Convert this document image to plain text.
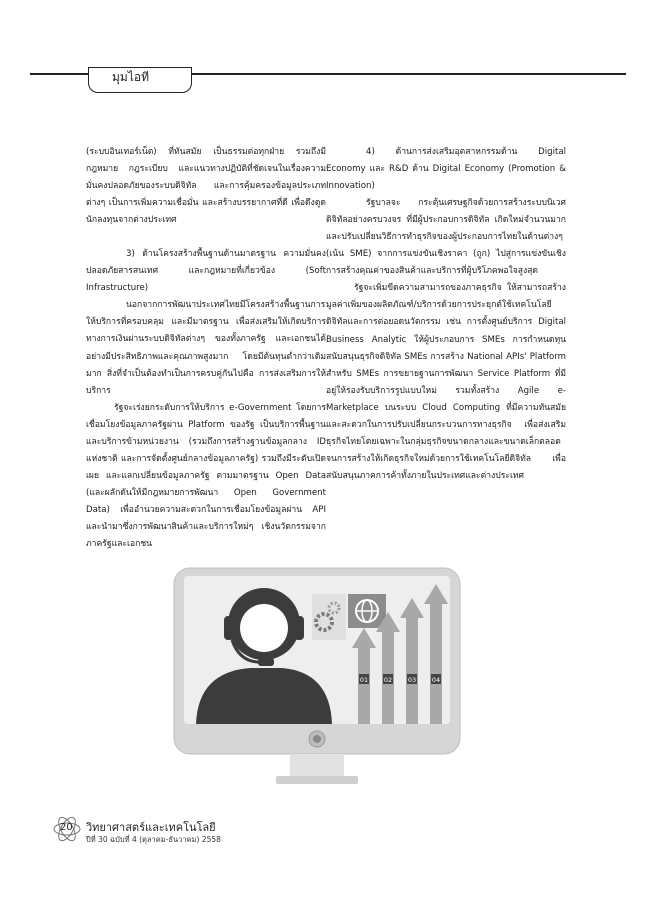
มุมไอที

(ระบบอินเทอร์เน็ต) ที่ทันสมัย เป็นธรรมต่อทุกฝ่าย รวมถึงมีกฎหมาย กฎระเบียบ และแนวทางปฏิบัติที่ชัดเจนในเรื่องความมั่นคงปลอดภัยของระบบดิจิทัล และการคุ้มครองข้อมูลประเภทต่างๆ เป็นการเพิ่มความเชื่อมั่น และสร้างบรรยากาศที่ดี เพื่อดึงดูดนักลงทุนจากต่างประเทศ

3) ด้านโครงสร้างพื้นฐานด้านมาตรฐาน ความมั่นคงปลอดภัยสารสนเทศ และกฎหมายที่เกี่ยวข้อง (Soft Infrastructure)

นอกจากการพัฒนาประเทศไทยมีโครงสร้างพื้นฐานการให้บริการที่ครอบคลุม และมีมาตรฐาน เพื่อส่งเสริมให้เกิดบริการทางการเงินผ่านระบบดิจิทัลต่างๆ ของทั้งภาครัฐ และเอกชนได้อย่างมีประสิทธิภาพและคุณภาพสูงมาก โดยมีต้นทุนต่ำกว่าเดิมมาก สิ่งที่จำเป็นต้องทำเป็นการครบคู่กันไปคือ การส่งเสริมการให้บริการ

รัฐจะเร่งยกระดับการให้บริการ e-Government โดยการเชื่อมโยงข้อมูลภาครัฐผ่าน Platform ของรัฐ เป็นบริการพื้นฐานและบริการข้ามหน่วยงาน (รวมถึงการสร้างฐานข้อมูลกลาง ID แห่งชาติ และการจัดตั้งศูนย์กลางข้อมูลภาครัฐ) รวมถึงมีระดับเปิดเผย และแลกเปลี่ยนข้อมูลภาครัฐ ตามมาตรฐาน Open Data (และผลักดันให้มีกฎหมายการพัฒนา Open Government Data) เพื่ออำนวยความสะดวกในการเชื่อมโยงข้อมูลผ่าน API และนำมาซึ่งการพัฒนาสินค้าและบริการใหม่ๆ เชิงนวัตกรรมจากภาครัฐและเอกชน

4) ด้านการส่งเสริมอุตสาหกรรมด้าน Digital Economy และ R&D ด้าน Digital Economy (Promotion & Innovation)

รัฐบาลจะ กระตุ้นเศรษฐกิจด้วยการสร้างระบบนิเวศดิจิทัลอย่างครบวงจร ที่มีผู้ประกอบการดิจิทัล เกิดใหม่จำนวนมาก และปรับเปลี่ยนวิธีการทำธุรกิจของผู้ประกอบการไทยในด้านต่างๆ (เน้น SME) จากการแข่งขันเชิงราคา (ถูก) ไปสู่การแข่งขันเชิงการสร้างคุณค่าของสินค้าและบริการที่ผู้บริโภคพอใจสูงสุด

รัฐจะเพิ่มขีดความสามารถของภาคธุรกิจ ให้สามารถสร้างมูลค่าเพิ่มของผลิตภัณฑ์/บริการด้วยการประยุกต์ใช้เทคโนโลยีดิจิทัลและการต่อยอดนวัตกรรม เช่น การตั้งศูนย์บริการ Digital Business Analytic ให้ผู้ประกอบการ SMEs การกำหนดทุนสนับสนุนธุรกิจดิจิทัล SMEs การสร้าง National APIs' Platform สำหรับ SMEs การขยายฐานการพัฒนา Service Platform ที่มีอยู่ให้รองรับบริการรูปแบบใหม่ รวมทั้งสร้าง Agile e-Marketplace บนระบบ Cloud Computing ที่มีความทันสมัยและสะดวกในการปรับเปลี่ยนกระบวนการทางธุรกิจ เพื่อส่งเสริมธุรกิจไทยโดยเฉพาะในกลุ่มธุรกิจขนาดกลางและขนาดเล็กตลอดจนการสร้างให้เกิดธุรกิจใหม่ด้วยการใช้เทคโนโลยีดิจิทัล เพื่อสนับสนุนภาคการค้าทั้งภายในประเทศและต่างประเทศ

01 02 03 04
20 วิทยาศาสตร์และเทคโนโลยี
ปีที่ 30 ฉบับที่ 4 (ตุลาคม-ธันวาคม) 2558
